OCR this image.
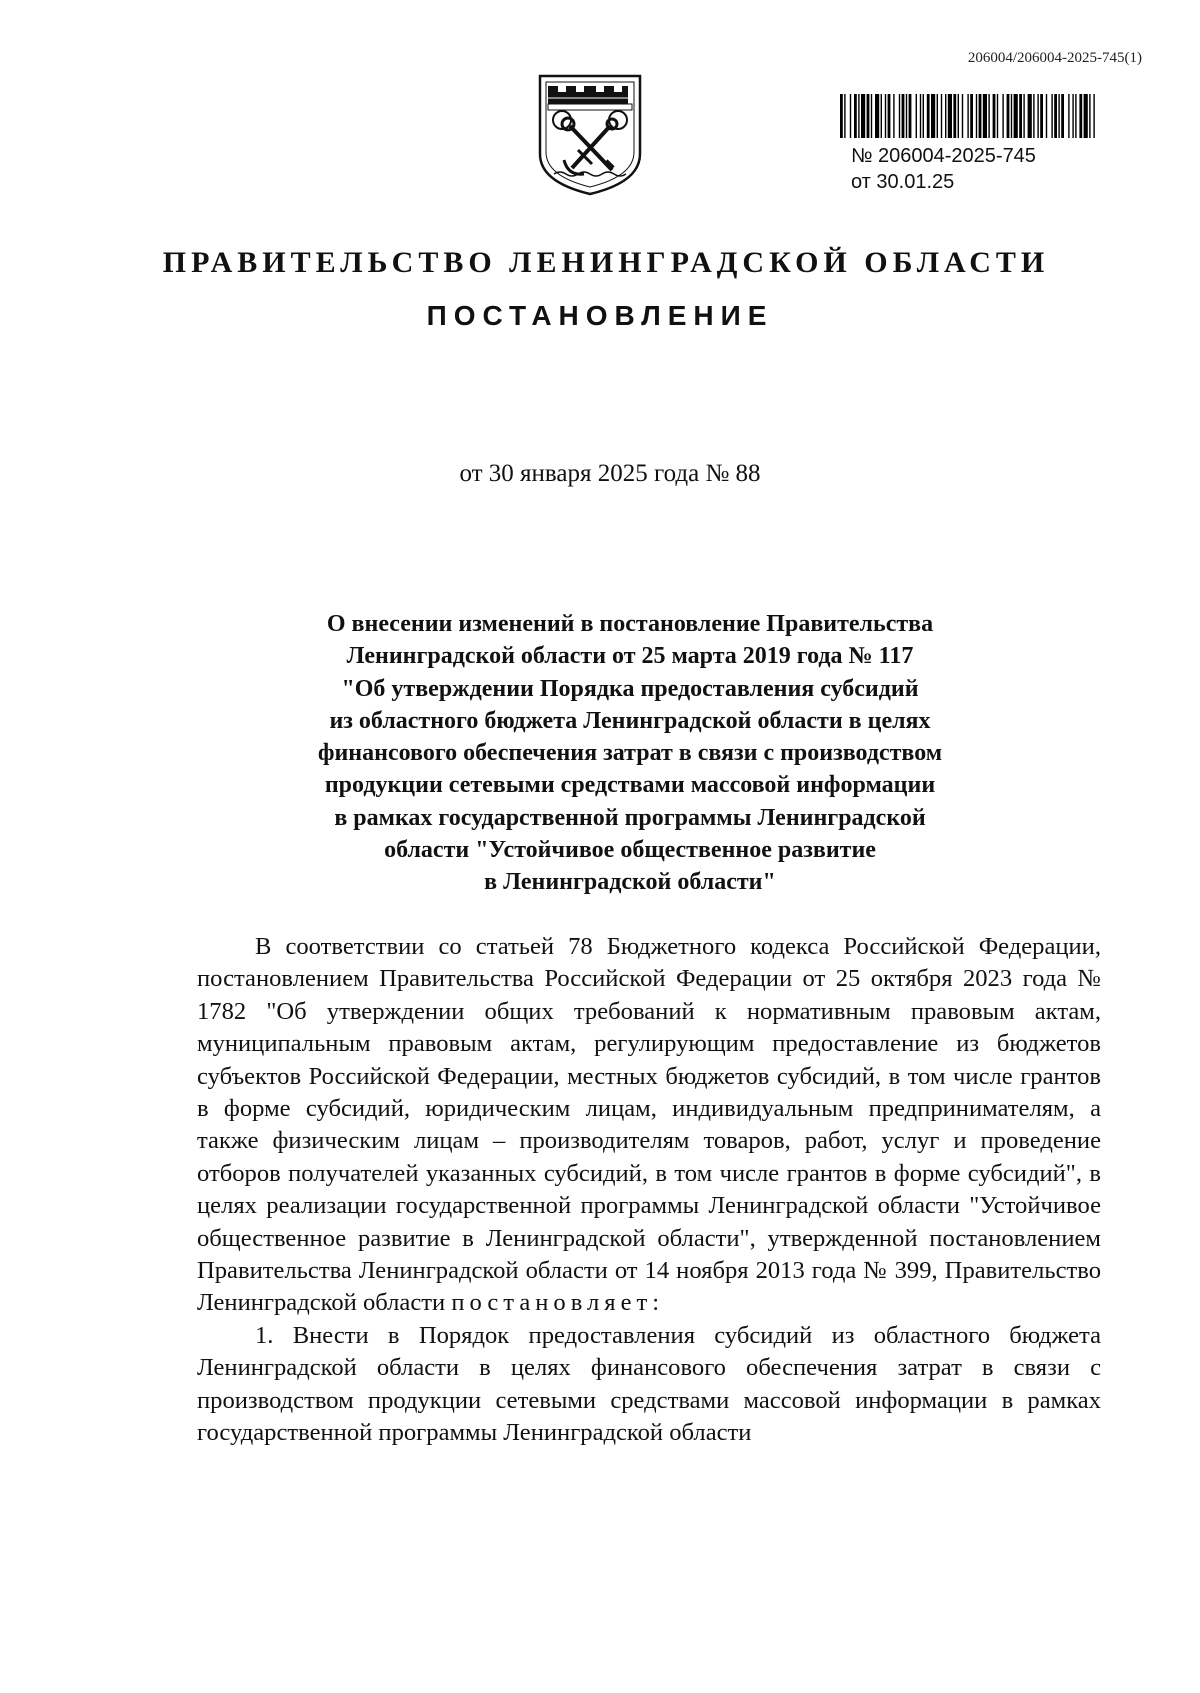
206004/206004-2025-745(1)
№ 206004-2025-745
от 30.01.25
ПРАВИТЕЛЬСТВО ЛЕНИНГРАДСКОЙ ОБЛАСТИ
ПОСТАНОВЛЕНИЕ
от 30 января 2025 года № 88
О внесении изменений в постановление Правительства
Ленинградской области от 25 марта 2019 года № 117
"Об утверждении Порядка предоставления субсидий
из областного бюджета Ленинградской области в целях
финансового обеспечения затрат в связи с производством
продукции сетевыми средствами массовой информации
в рамках государственной программы Ленинградской
области "Устойчивое общественное развитие
в Ленинградской области"

В соответствии со статьей 78 Бюджетного кодекса Российской Федерации, постановлением Правительства Российской Федерации от 25 октября 2023 года № 1782 "Об утверждении общих требований к нормативным правовым актам, муниципальным правовым актам, регулирующим предоставление из бюджетов субъектов Российской Федерации, местных бюджетов субсидий, в том числе грантов в форме субсидий, юридическим лицам, индивидуальным предпринимателям, а также физическим лицам – производителям товаров, работ, услуг и проведение отборов получателей указанных субсидий, в том числе грантов в форме субсидий", в целях реализации государственной программы Ленинградской области "Устойчивое общественное развитие в Ленинградской области", утвержденной постановлением Правительства Ленинградской области от 14 ноября 2013 года № 399, Правительство Ленинградской области постановляет:

1. Внести в Порядок предоставления субсидий из областного бюджета Ленинградской области в целях финансового обеспечения затрат в связи с производством продукции сетевыми средствами массовой информации в рамках государственной программы Ленинградской области
